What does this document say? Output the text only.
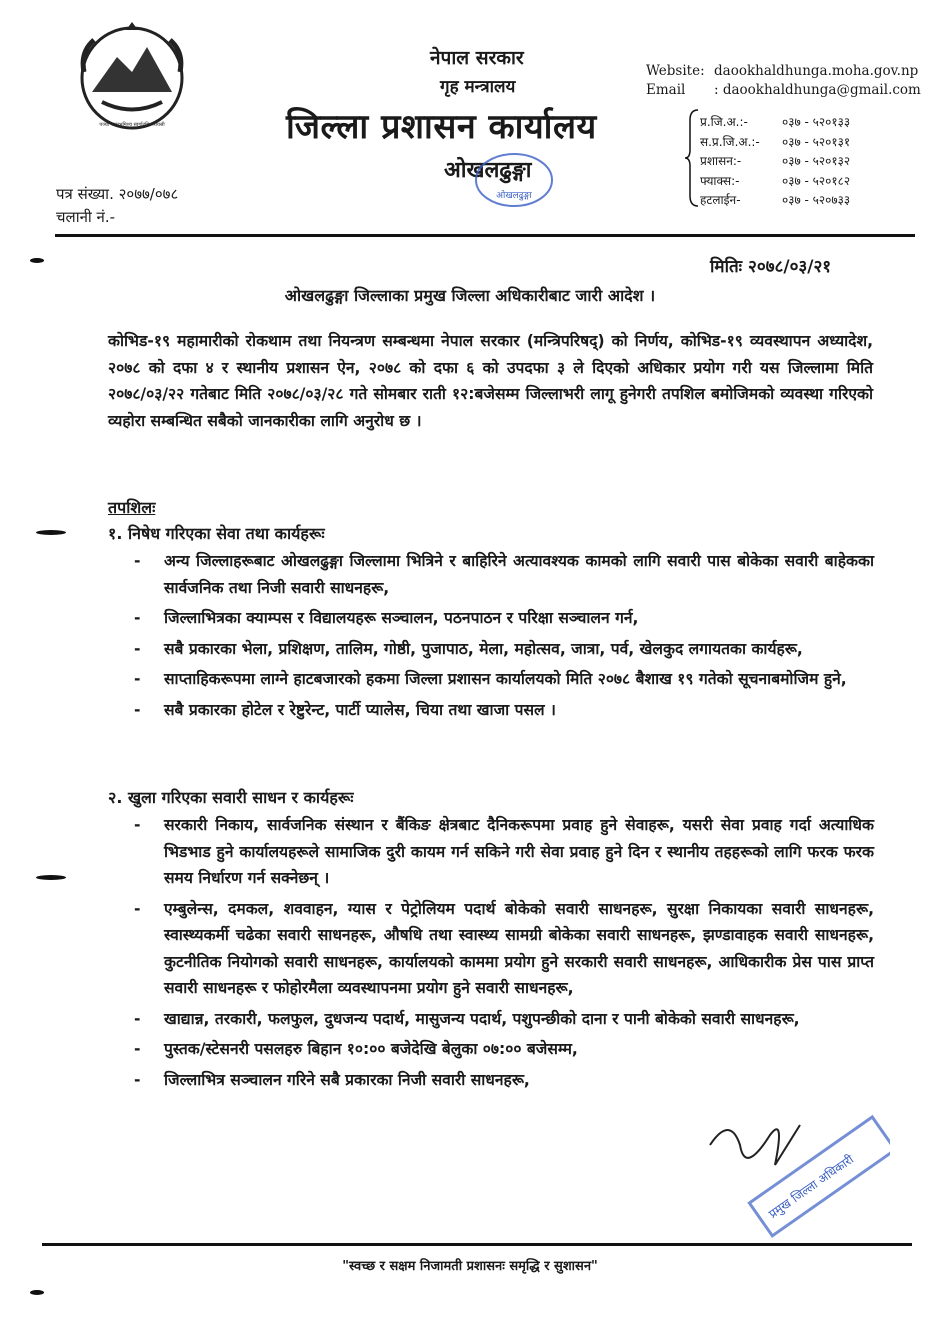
पञ्चो जन्मभूमिश्च स्वर्गादपि गरीयसी
नेपाल सरकार
गृह मन्त्रालय
जिल्ला प्रशासन कार्यालय
ओखलढुङ्गा
ओखलढुङ्गा
Website: daookhaldhunga.moha.gov.np
Email : daookhaldhunga@gmail.com
प्र.जि.अ.:-	०३७ - ५२०१३३
स.प्र.जि.अ.:-	०३७ - ५२०१३१
प्रशासन:-	०३७ - ५२०१३२
फ्याक्स:-	०३७ - ५२०१८२
हटलाईन-	०३७ - ५२०७३३
पत्र संख्या. २०७७/०७८
चलानी नं.-
मितिः २०७८/०३/२१
ओखलढुङ्गा जिल्लाका प्रमुख जिल्ला अधिकारीबाट जारी आदेश ।
कोभिड-१९ महामारीको रोकथाम तथा नियन्त्रण सम्बन्धमा नेपाल सरकार (मन्त्रिपरिषद्) को निर्णय, कोभिड-१९ व्यवस्थापन अध्यादेश, २०७८ को दफा ४ र स्थानीय प्रशासन ऐन, २०७८ को दफा ६ को उपदफा ३ ले दिएको अधिकार प्रयोग गरी यस जिल्लामा मिति २०७८/०३/२२ गतेबाट मिति २०७८/०३/२८ गते सोमबार राती १२:बजेसम्म जिल्लाभरी लागू हुनेगरी तपशिल बमोजिमको व्यवस्था गरिएको व्यहोरा सम्बन्धित सबैको जानकारीका लागि अनुरोध छ ।
तपशिलः
१. निषेध गरिएका सेवा तथा कार्यहरूः
- अन्य जिल्लाहरूबाट ओखलढुङ्गा जिल्लामा भित्रिने र बाहिरिने अत्यावश्यक कामको लागि सवारी पास बोकेका सवारी बाहेकका सार्वजनिक तथा निजी सवारी साधनहरू,
- जिल्लाभित्रका क्याम्पस र विद्यालयहरू सञ्चालन, पठनपाठन र परिक्षा सञ्चालन गर्न,
- सबै प्रकारका भेला, प्रशिक्षण, तालिम, गोष्ठी, पुजापाठ, मेला, महोत्सव, जात्रा, पर्व, खेलकुद लगायतका कार्यहरू,
- साप्ताहिकरूपमा लाग्ने हाटबजारको हकमा जिल्ला प्रशासन कार्यालयको मिति २०७८ बैशाख १९ गतेको सूचनाबमोजिम हुने,
- सबै प्रकारका होटेल र रेष्टुरेन्ट, पार्टी प्यालेस, चिया तथा खाजा पसल ।
२. खुला गरिएका सवारी साधन र कार्यहरूः
- सरकारी निकाय, सार्वजनिक संस्थान र बैंकिङ क्षेत्रबाट दैनिकरूपमा प्रवाह हुने सेवाहरू, यसरी सेवा प्रवाह गर्दा अत्याधिक भिडभाड हुने कार्यालयहरूले सामाजिक दुरी कायम गर्न सकिने गरी सेवा प्रवाह हुने दिन र स्थानीय तहहरूको लागि फरक फरक समय निर्धारण गर्न सक्नेछन् ।
- एम्बुलेन्स, दमकल, शववाहन, ग्यास र पेट्रोलियम पदार्थ बोकेको सवारी साधनहरू, सुरक्षा निकायका सवारी साधनहरू, स्वास्थ्यकर्मी चढेका सवारी साधनहरू, औषधि तथा स्वास्थ्य सामग्री बोकेका सवारी साधनहरू, झण्डावाहक सवारी साधनहरू, कुटनीतिक नियोगको सवारी साधनहरू, कार्यालयको काममा प्रयोग हुने सरकारी सवारी साधनहरू, आधिकारीक प्रेस पास प्राप्त सवारी साधनहरू र फोहोरमैला व्यवस्थापनमा प्रयोग हुने सवारी साधनहरू,
- खाद्यान्न, तरकारी, फलफुल, दुधजन्य पदार्थ, मासुजन्य पदार्थ, पशुपन्छीको दाना र पानी बोकेको सवारी साधनहरू,
- पुस्तक/स्टेसनरी पसलहरु बिहान १०:०० बजेदेखि बेलुका ०७:०० बजेसम्म,
- जिल्लाभित्र सञ्चालन गरिने सबै प्रकारका निजी सवारी साधनहरू,
प्रमुख जिल्ला अधिकारी
"स्वच्छ र सक्षम निजामती प्रशासनः समृद्धि र सुशासन"
